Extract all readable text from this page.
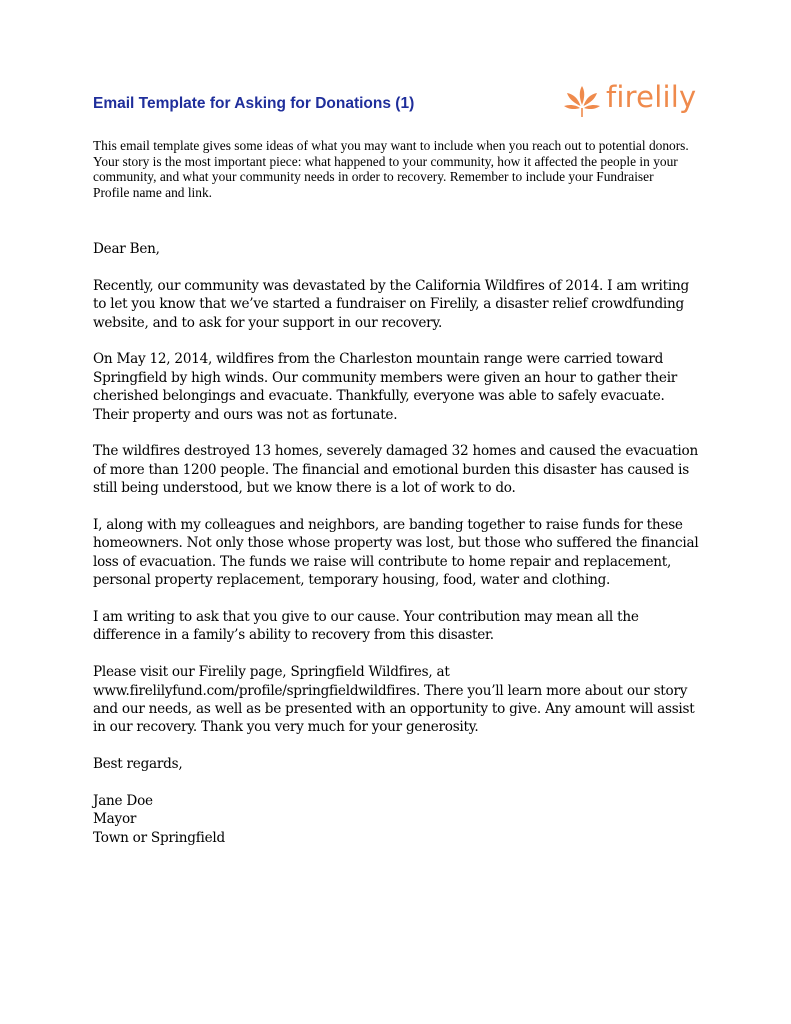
Email Template for Asking for Donations (1)	firelily

This email template gives some ideas of what you may want to include when you reach out to potential donors. Your story is the most important piece: what happened to your community, how it affected the people in your community, and what your community needs in order to recovery. Remember to include your Fundraiser Profile name and link.

Dear Ben,

Recently, our community was devastated by the California Wildfires of 2014. I am writing to let you know that we’ve started a fundraiser on Firelily, a disaster relief crowdfunding website, and to ask for your support in our recovery.

On May 12, 2014, wildfires from the Charleston mountain range were carried toward Springfield by high winds. Our community members were given an hour to gather their cherished belongings and evacuate. Thankfully, everyone was able to safely evacuate. Their property and ours was not as fortunate.

The wildfires destroyed 13 homes, severely damaged 32 homes and caused the evacuation of more than 1200 people. The financial and emotional burden this disaster has caused is still being understood, but we know there is a lot of work to do.

I, along with my colleagues and neighbors, are banding together to raise funds for these homeowners. Not only those whose property was lost, but those who suffered the financial loss of evacuation. The funds we raise will contribute to home repair and replacement, personal property replacement, temporary housing, food, water and clothing.

I am writing to ask that you give to our cause. Your contribution may mean all the difference in a family’s ability to recovery from this disaster.

Please visit our Firelily page, Springfield Wildfires, at www.firelilyfund.com/profile/springfieldwildfires. There you’ll learn more about our story and our needs, as well as be presented with an opportunity to give. Any amount will assist in our recovery. Thank you very much for your generosity.

Best regards,

Jane Doe
Mayor
Town or Springfield
